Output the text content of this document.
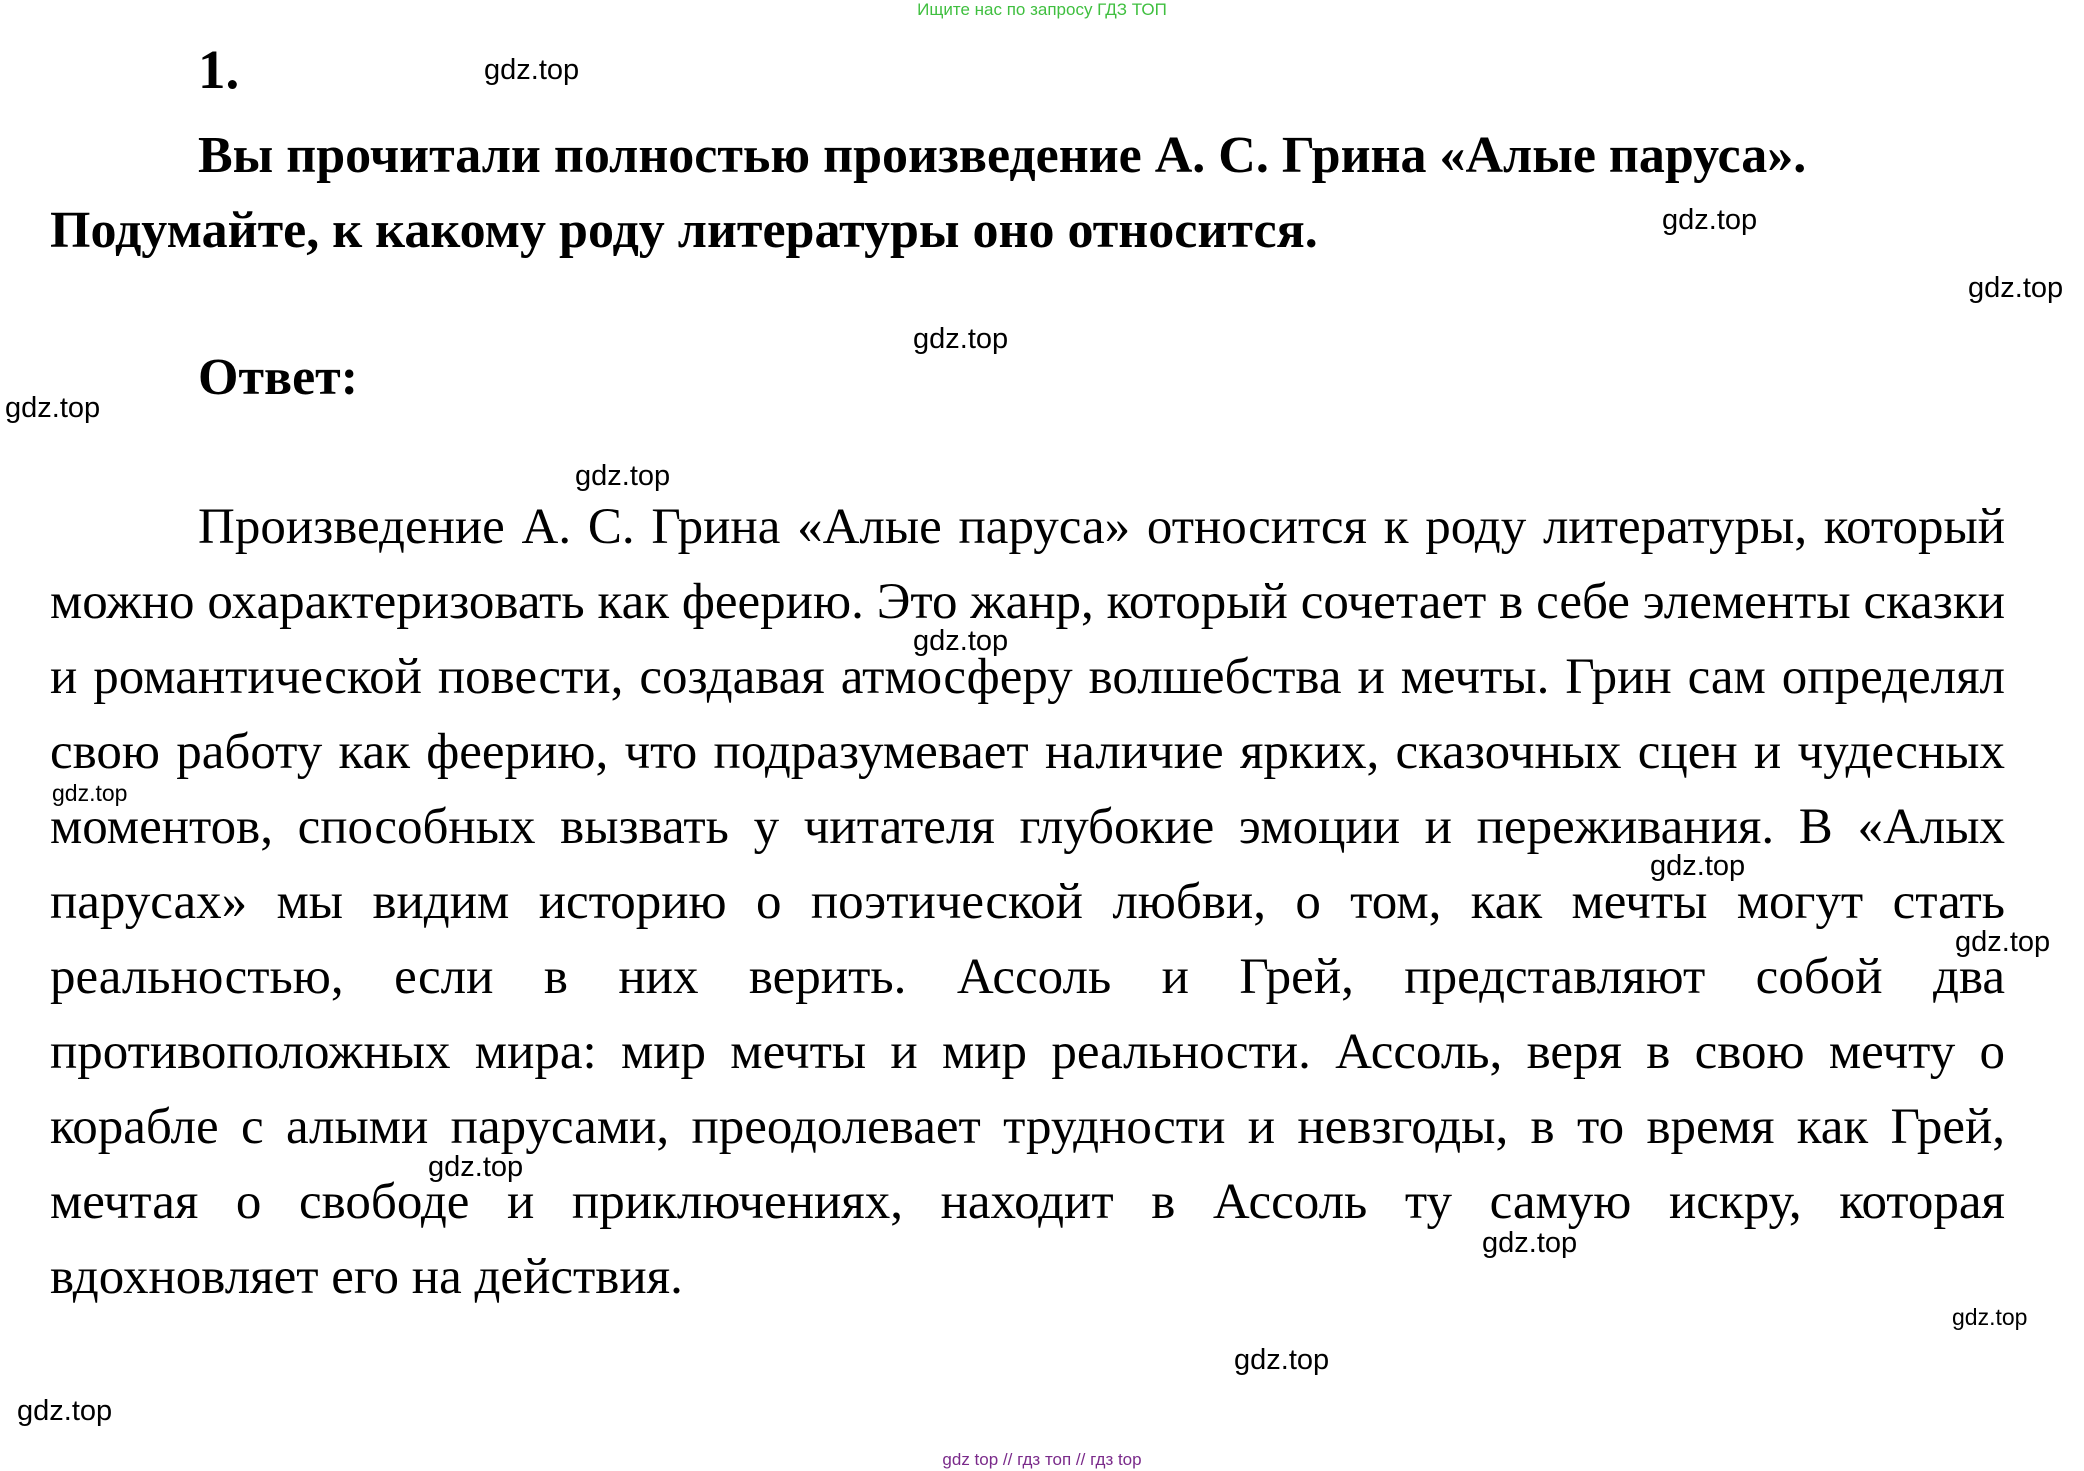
Ищите нас по запросу ГДЗ ТОП
1.
Вы прочитали полностью произведение А. С. Грина «Алые паруса». Подумайте, к какому роду литературы оно относится.
Ответ:
Произведение А. С. Грина «Алые паруса» относится к роду литературы, который можно охарактеризовать как феерию. Это жанр, который сочетает в себе элементы сказки и романтической повести, создавая атмосферу волшебства и мечты. Грин сам определял свою работу как феерию, что подразумевает наличие ярких, сказочных сцен и чудесных моментов, способных вызвать у читателя глубокие эмоции и переживания. В «Алых парусах» мы видим историю о поэтической любви, о том, как мечты могут стать реальностью, если в них верить. Ассоль и Грей, представляют собой два противоположных мира: мир мечты и мир реальности. Ассоль, веря в свою мечту о корабле с алыми парусами, преодолевает трудности и невзгоды, в то время как Грей, мечтая о свободе и приключениях, находит в Ассоль ту самую искру, которая вдохновляет его на действия.
gdz.top
gdz.top
gdz.top
gdz.top
gdz.top
gdz.top
gdz.top
gdz.top
gdz.top
gdz.top
gdz.top
gdz.top
gdz.top
gdz.top
gdz.top
gdz top // гдз топ // гдз top
